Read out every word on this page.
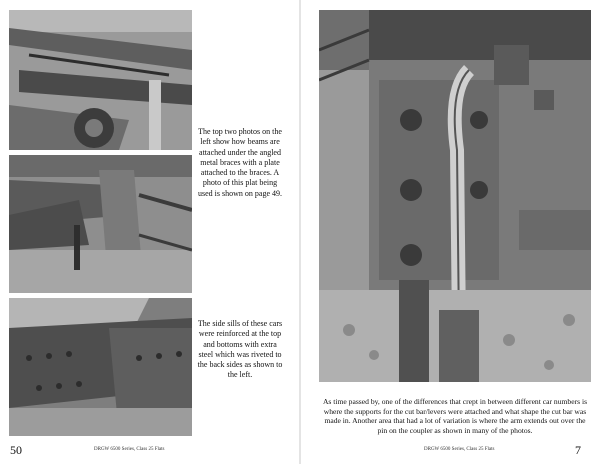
The top two photos on the left show how beams are attached under the angled metal braces with a plate attached to the braces. A photo of this plat being used is shown on page 49.

The side sills of these cars were reinforced at the top and bottoms with extra steel which was riveted to the back sides as shown to the left.

50	DRGW 6500 Series, Class 25 Flats

As time passed by, one of the differences that crept in between different car numbers is where the supports for the cut bar/levers were attached and what shape the cut bar was made in. Another area that had a lot of variation is where the arm extends out over the pin on the coupler as shown in many of the photos.

DRGW 6500 Series, Class 25 Flats	7
